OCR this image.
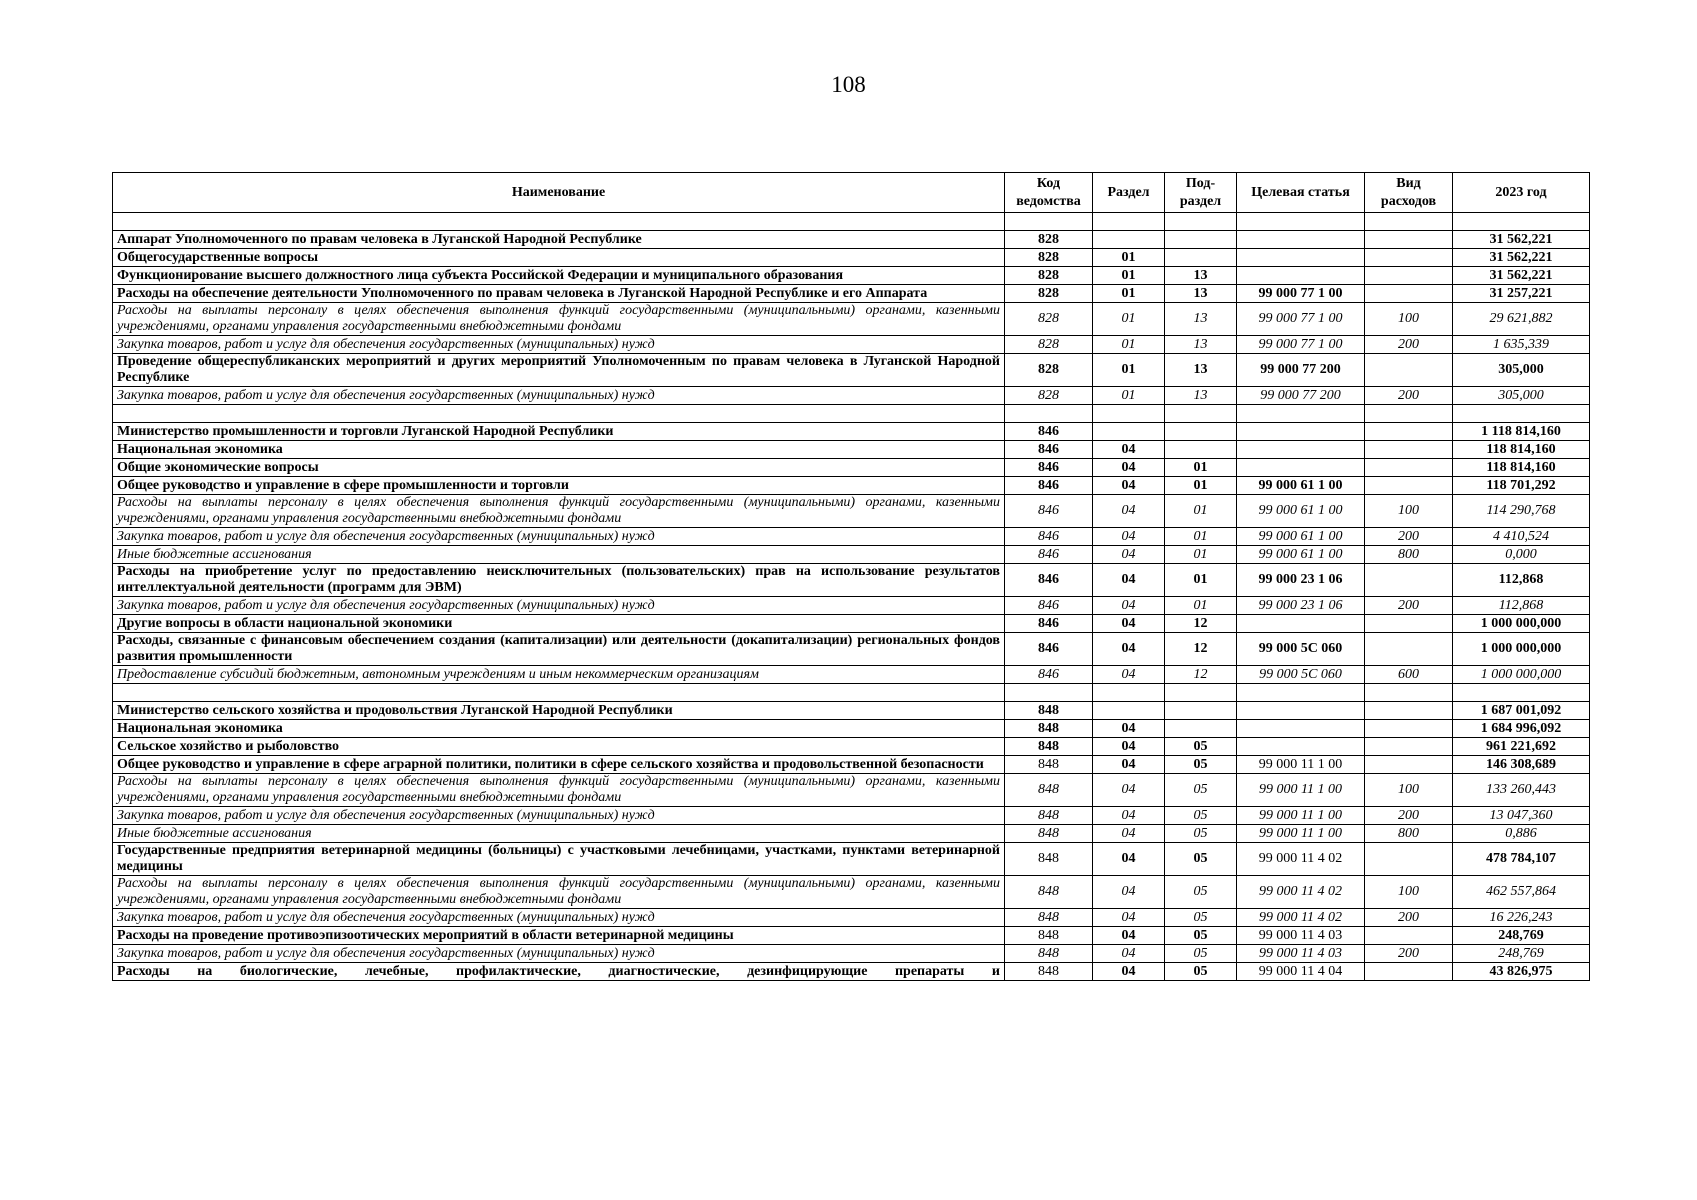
108
Наименование	Код ведомства	Раздел	Под-раздел	Целевая статья	Вид расходов	2023 год

Аппарат Уполномоченного по правам человека в Луганской Народной Республике	828					31 562,221
Общегосударственные вопросы	828	01				31 562,221
Функционирование высшего должностного лица субъекта Российской Федерации и муниципального образования	828	01	13			31 562,221
Расходы на обеспечение деятельности Уполномоченного по правам человека в Луганской Народной Республике и его Аппарата	828	01	13	99 000 77 1 00		31 257,221
Расходы на выплаты персоналу в целях обеспечения выполнения функций государственными (муниципальными) органами, казенными учреждениями, органами управления государственными внебюджетными фондами	828	01	13	99 000 77 1 00	100	29 621,882
Закупка товаров, работ и услуг для обеспечения государственных (муниципальных) нужд	828	01	13	99 000 77 1 00	200	1 635,339
Проведение общереспубликанских мероприятий и других мероприятий Уполномоченным по правам человека в Луганской Народной Республике	828	01	13	99 000 77 200		305,000
Закупка товаров, работ и услуг для обеспечения государственных (муниципальных) нужд	828	01	13	99 000 77 200	200	305,000

Министерство промышленности и торговли Луганской Народной Республики	846					1 118 814,160
Национальная экономика	846	04				118 814,160
Общие экономические вопросы	846	04	01			118 814,160
Общее руководство и управление в сфере промышленности и торговли	846	04	01	99 000 61 1 00		118 701,292
Расходы на выплаты персоналу в целях обеспечения выполнения функций государственными (муниципальными) органами, казенными учреждениями, органами управления государственными внебюджетными фондами	846	04	01	99 000 61 1 00	100	114 290,768
Закупка товаров, работ и услуг для обеспечения государственных (муниципальных) нужд	846	04	01	99 000 61 1 00	200	4 410,524
Иные бюджетные ассигнования	846	04	01	99 000 61 1 00	800	0,000
Расходы на приобретение услуг по предоставлению неисключительных (пользовательских) прав на использование результатов интеллектуальной деятельности (программ для ЭВМ)	846	04	01	99 000 23 1 06		112,868
Закупка товаров, работ и услуг для обеспечения государственных (муниципальных) нужд	846	04	01	99 000 23 1 06	200	112,868
Другие вопросы в области национальной экономики	846	04	12			1 000 000,000
Расходы, связанные с финансовым обеспечением создания (капитализации) или деятельности (докапитализации) региональных фондов развития промышленности	846	04	12	99 000 5С 060		1 000 000,000
Предоставление субсидий бюджетным, автономным учреждениям и иным некоммерческим организациям	846	04	12	99 000 5С 060	600	1 000 000,000

Министерство сельского хозяйства и продовольствия Луганской Народной Республики	848					1 687 001,092
Национальная экономика	848	04				1 684 996,092
Сельское хозяйство и рыболовство	848	04	05			961 221,692
Общее руководство и управление в сфере аграрной политики, политики в сфере сельского хозяйства и продовольственной безопасности	848	04	05	99 000 11 1 00		146 308,689
Расходы на выплаты персоналу в целях обеспечения выполнения функций государственными (муниципальными) органами, казенными учреждениями, органами управления государственными внебюджетными фондами	848	04	05	99 000 11 1 00	100	133 260,443
Закупка товаров, работ и услуг для обеспечения государственных (муниципальных) нужд	848	04	05	99 000 11 1 00	200	13 047,360
Иные бюджетные ассигнования	848	04	05	99 000 11 1 00	800	0,886
Государственные предприятия ветеринарной медицины (больницы) с участковыми лечебницами, участками, пунктами ветеринарной медицины	848	04	05	99 000 11 4 02		478 784,107
Расходы на выплаты персоналу в целях обеспечения выполнения функций государственными (муниципальными) органами, казенными учреждениями, органами управления государственными внебюджетными фондами	848	04	05	99 000 11 4 02	100	462 557,864
Закупка товаров, работ и услуг для обеспечения государственных (муниципальных) нужд	848	04	05	99 000 11 4 02	200	16 226,243
Расходы на проведение противоэпизоотических мероприятий в области ветеринарной медицины	848	04	05	99 000 11 4 03		248,769
Закупка товаров, работ и услуг для обеспечения государственных (муниципальных) нужд	848	04	05	99 000 11 4 03	200	248,769

Расходы на биологические, лечебные, профилактические, диагностические, дезинфицирующие препараты и	848	04	05	99 000 11 4 04		43 826,975
